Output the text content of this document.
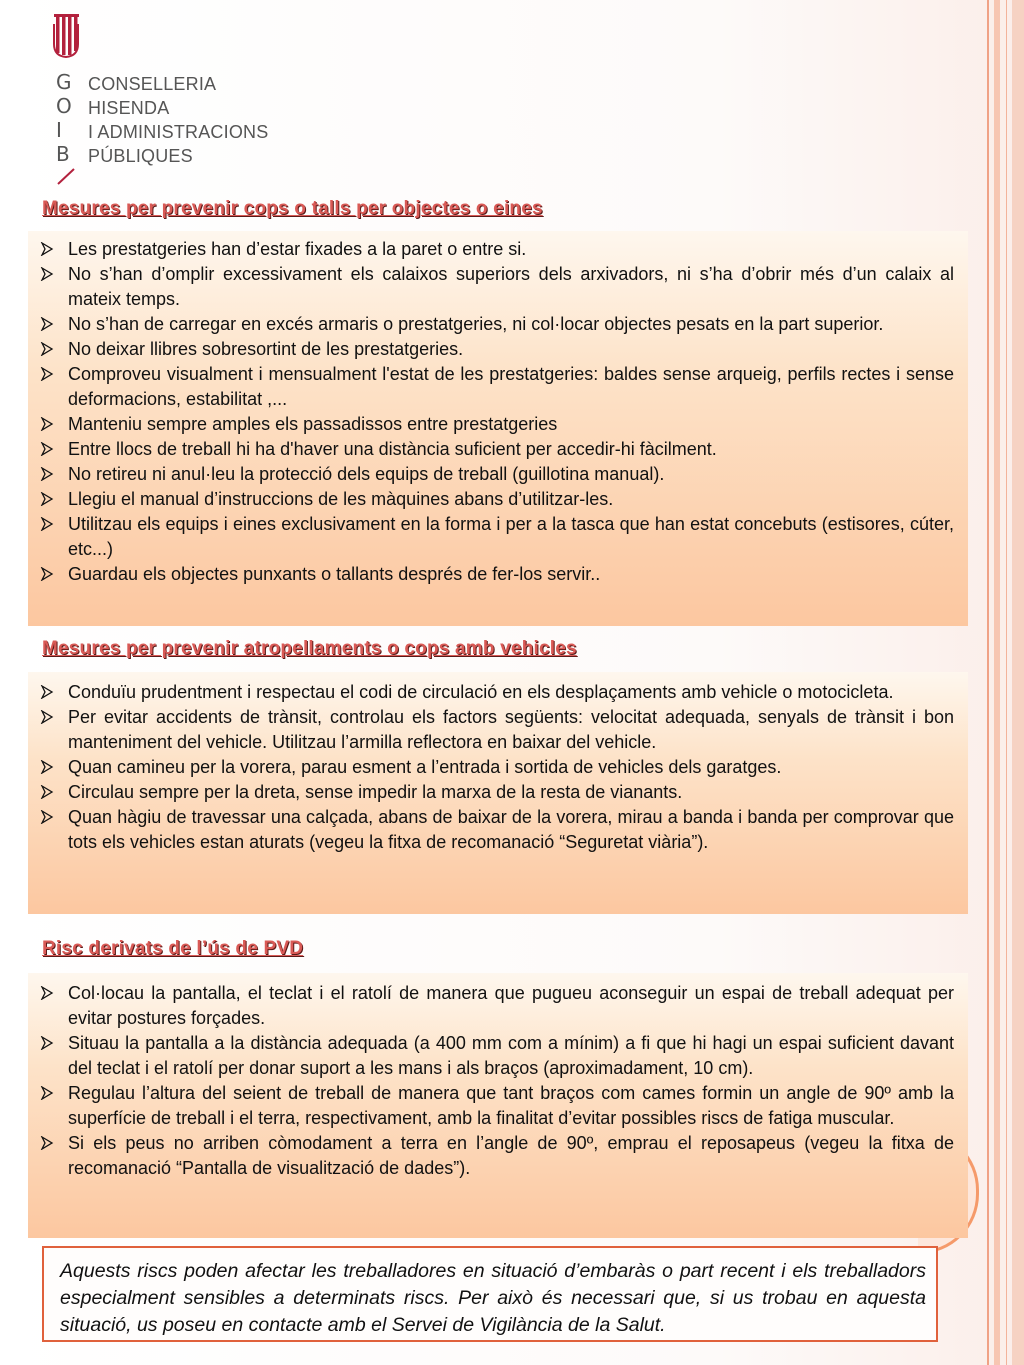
G
O
I
B
CONSELLERIA
HISENDA
I ADMINISTRACIONS
PÚBLIQUES
Mesures per prevenir cops o talls per objectes o eines
Les prestatgeries han d’estar fixades a la paret o entre si.
No s’han d’omplir excessivament els calaixos superiors dels arxivadors, ni s’ha d’obrir més d’un calaix al mateix temps.
No s’han de carregar en excés armaris o prestatgeries, ni col·locar objectes pesats en la part superior.
No deixar llibres sobresortint de les prestatgeries.
Comproveu visualment i mensualment l'estat de les prestatgeries: baldes sense arqueig, perfils rectes i sense deformacions, estabilitat ,...
Manteniu sempre amples els passadissos entre prestatgeries
Entre llocs de treball hi ha d'haver una distància suficient per accedir-hi fàcilment.
No retireu ni anul·leu la protecció dels equips de treball (guillotina manual).
Llegiu el manual d’instruccions de les màquines abans d’utilitzar-les.
Utilitzau els equips i eines exclusivament en la forma i per a la tasca que han estat concebuts (estisores, cúter, etc...)
Guardau els objectes punxants o tallants després de fer-los servir..
Mesures per prevenir atropellaments o cops amb vehicles
Conduïu prudentment i respectau el codi de circulació en els desplaçaments amb vehicle o motocicleta.
Per evitar accidents de trànsit, controlau els factors següents: velocitat adequada, senyals de trànsit i bon manteniment del vehicle. Utilitzau l’armilla reflectora en baixar del vehicle.
Quan camineu per la vorera, parau esment a l’entrada i sortida de vehicles dels garatges.
Circulau sempre per la dreta, sense impedir la marxa de la resta de vianants.
Quan hàgiu de travessar una calçada, abans de baixar de la vorera, mirau a banda i banda per comprovar que tots els vehicles estan aturats (vegeu la fitxa de recomanació “Seguretat viària”).
Risc derivats de l’ús de PVD
Col·locau la pantalla, el teclat i el ratolí de manera que pugueu aconseguir un espai de treball adequat per evitar postures forçades.
Situau la pantalla a la distància adequada (a 400 mm com a mínim) a fi que hi hagi un espai suficient davant del teclat i el ratolí per donar suport a les mans i als braços (aproximadament, 10 cm).
Regulau l’altura del seient de treball de manera que tant braços com cames formin un angle de 90º amb la superfície de treball i el terra, respectivament, amb la finalitat d’evitar possibles riscs de fatiga muscular.
Si els peus no arriben còmodament a terra en l’angle de 90º, emprau el reposapeus (vegeu la fitxa de recomanació “Pantalla de visualització de dades”).
Aquests riscs poden afectar les treballadores en situació d’embaràs o part recent i els treballadors especialment sensibles a determinats riscs. Per això és necessari que, si us trobau en aquesta situació, us poseu en contacte amb el Servei de Vigilància de la Salut.
